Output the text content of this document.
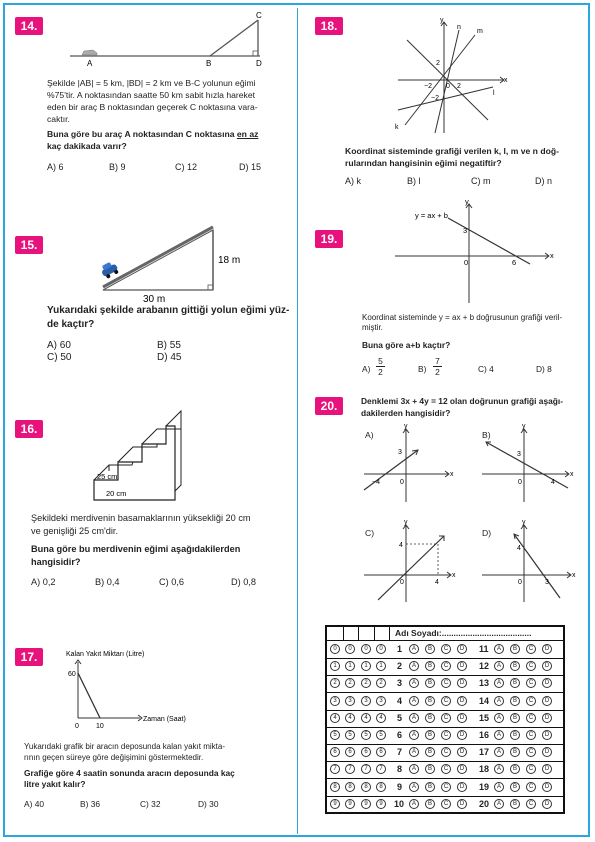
14.
A	B
C
D
Şekilde |AB| = 5 km, |BD| = 2 km ve B-C yolunun eğimi
%75'tir. A noktasından saatte 50 km sabit hızla hareket
eden bir araç B noktasından geçerek C noktasına vara-
caktır.
Buna göre bu araç A noktasından C noktasına en az
kaç dakikada varır?
A) 6	B) 9	C) 12	D) 15
15.
18 m
30 m
Yukarıdaki şekilde arabanın gittiği yolun eğimi yüz-
de kaçtır?
A) 60	B) 55
C) 50	D) 45
16.
25 cm
20 cm
Şekildeki merdivenin basamaklarının yüksekliği 20 cm
ve genişliği 25 cm'dir.
Buna göre bu merdivenin eğimi aşağıdakilerden
hangisidir?
A) 0,2	B) 0,4	C) 0,6	D) 0,8
17.	Kalan Yakıt Miktarı (Litre)
60
0 10
Zaman (Saat)
Yukarıdaki grafik bir aracın deposunda kalan yakıt mikta-
rının geçen süreye göre değişimini göstermektedir.
Grafiğe göre 4 saatin sonunda aracın deposunda kaç
litre yakıt kalır?
A) 40	B) 36	C) 32	D) 30
18.	y
n
m
x
l
k
2
−2	2
−2
0
Koordinat sisteminde grafiği verilen k, l, m ve n doğ-
rularından hangisinin eğimi negatiftir?
A) k	B) l	C) m	D) n
19.
y = ax + b
y
x
3
0	6
Koordinat sisteminde y = ax + b doğrusunun grafiği veril-
miştir.
Buna göre a+b kaçtır?
A)
5
2	B)
7
2	C) 4	D) 8
20.	Denklemi 3x + 4y = 12 olan doğrunun grafiği aşağı-
dakilerden hangisidir?
A)
y
x
3
−4	0
B)
y
x
3
4
0
C)
y
x
4
4
0
D)
y
x
4
3
0
Adı Soyadı:......................................
0	0	0	0	1	A	B	C	D	11	A	B	C	D
1	1	1	1	2	A	B	C	D	12	A	B	C	D
2	2	2	2	3	A	B	C	D	13	A	B	C	D
3	3	3	3	4	A	B	C	D	14	A	B	C	D
4	4	4	4	5	A	B	C	D	15	A	B	C	D
5	5	5	5	6	A	B	C	D	16	A	B	C	D
6	6	6	6	7	A	B	C	D	17	A	B	C	D
7	7	7	7	8	A	B	C	D	18	A	B	C	D
8	8	8	8	9	A	B	C	D	19	A	B	C	D
9	9	9	9	10	A	B	C	D	20	A	B	C	D
